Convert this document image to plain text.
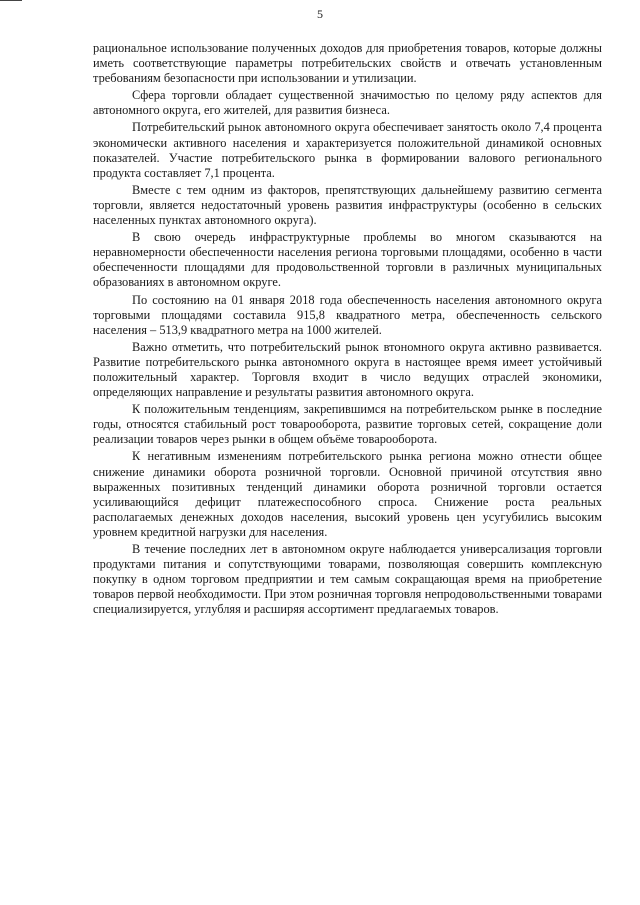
5

рациональное использование полученных доходов для приобретения товаров, которые должны иметь соответствующие параметры потребительских свойств и отвечать установленным требованиям безопасности при использовании и утилизации.

Сфера торговли обладает существенной значимостью по целому ряду аспектов для автономного округа, его жителей, для развития бизнеса.

Потребительский рынок автономного округа обеспечивает занятость около 7,4 процента экономически активного населения и характеризуется положительной динамикой основных показателей. Участие потребительского рынка в формировании валового регионального продукта составляет 7,1 процента.

Вместе с тем одним из факторов, препятствующих дальнейшему развитию сегмента торговли, является недостаточный уровень развития инфраструктуры (особенно в сельских населенных пунктах автономного округа).

В свою очередь инфраструктурные проблемы во многом сказываются на неравномерности обеспеченности населения региона торговыми площадями, особенно в части обеспеченности площадями для продовольственной торговли в различных муниципальных образованиях в автономном округе.

По состоянию на 01 января 2018 года обеспеченность населения автономного округа торговыми площадями составила 915,8 квадратного метра, обеспеченность сельского населения – 513,9 квадратного метра на 1000 жителей.

Важно отметить, что потребительский рынок втономного округа активно развивается. Развитие потребительского рынка автономного округа в настоящее время имеет устойчивый положительный характер. Торговля входит в число ведущих отраслей экономики, определяющих направление и результаты развития автономного округа.

К положительным тенденциям, закрепившимся на потребительском рынке в последние годы, относятся стабильный рост товарооборота, развитие торговых сетей, сокращение доли реализации товаров через рынки в общем объёме товарооборота.

К негативным изменениям потребительского рынка региона можно отнести общее снижение динамики оборота розничной торговли. Основной причиной отсутствия явно выраженных позитивных тенденций динамики оборота розничной торговли остается усиливающийся дефицит платежеспособного спроса. Снижение роста реальных располагаемых денежных доходов населения, высокий уровень цен усугубились высоким уровнем кредитной нагрузки для населения.

В течение последних лет в автономном округе наблюдается универсализация торговли продуктами питания и сопутствующими товарами, позволяющая совершить комплексную покупку в одном торговом предприятии и тем самым сокращающая время на приобретение товаров первой необходимости. При этом розничная торговля непродовольственными товарами специализируется, углубляя и расширяя ассортимент предлагаемых товаров.
